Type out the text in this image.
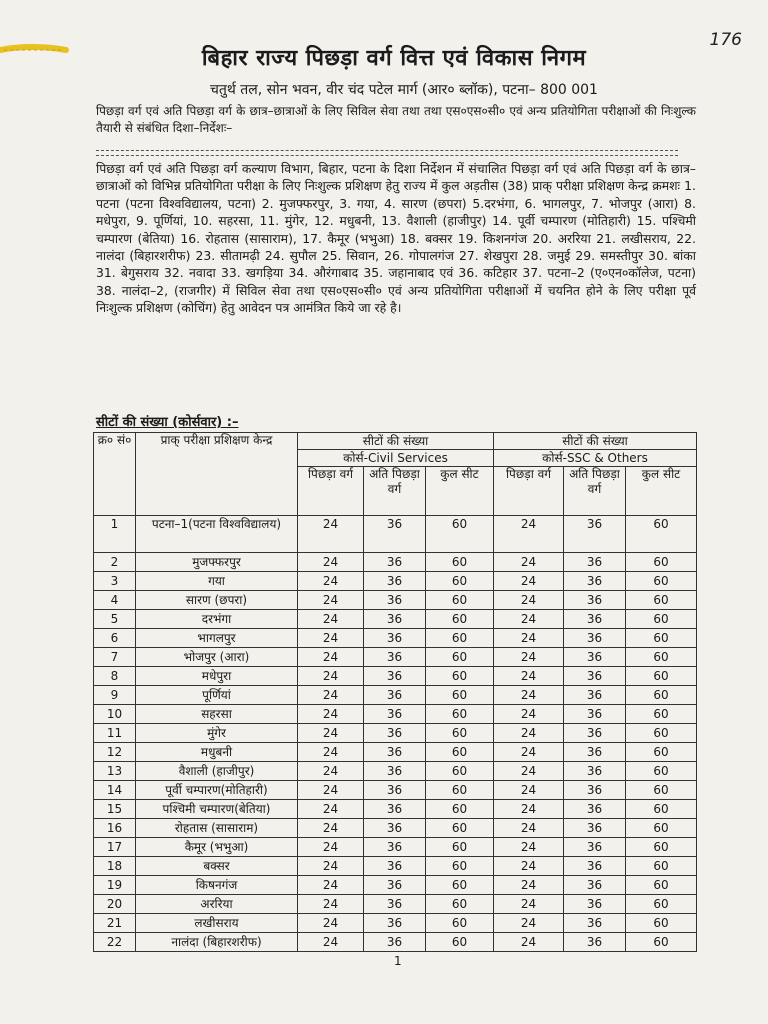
176
बिहार राज्य पिछड़ा वर्ग वित्त एवं विकास निगम
चतुर्थ तल, सोन भवन, वीर चंद पटेल मार्ग (आर० ब्लॉक), पटना– 800 001
पिछड़ा वर्ग एवं अति पिछड़ा वर्ग के छात्र–छात्राओं के लिए सिविल सेवा तथा तथा एस०एस०सी० एवं अन्य प्रतियोगिता परीक्षाओं की निःशुल्क तैयारी से संबंधित दिशा–निर्देशः–
पिछड़ा वर्ग एवं अति पिछड़ा वर्ग कल्याण विभाग, बिहार, पटना के दिशा निर्देशन में संचालित पिछड़ा वर्ग एवं अति पिछड़ा वर्ग के छात्र–छात्राओं को विभिन्न प्रतियोगिता परीक्षा के लिए निःशुल्क प्रशिक्षण हेतु राज्य में कुल अड़तीस (38) प्राक् परीक्षा प्रशिक्षण केन्द्र क्रमशः 1. पटना (पटना विश्वविद्यालय, पटना) 2. मुजफ्फरपुर, 3. गया, 4. सारण (छपरा) 5.दरभंगा, 6. भागलपुर, 7. भोजपुर (आरा) 8. मधेपुरा, 9. पूर्णियां, 10. सहरसा, 11. मुंगेर, 12. मधुबनी, 13. वैशाली (हाजीपुर) 14. पूर्वी चम्पारण (मोतिहारी) 15. पश्चिमी चम्पारण (बेतिया) 16. रोहतास (सासाराम), 17. कैमूर (भभुआ) 18. बक्सर 19. किशनगंज 20. अररिया 21. लखीसराय, 22. नालंदा (बिहारशरीफ) 23. सीतामढ़ी 24. सुपौल 25. सिवान, 26. गोपालगंज 27. शेखपुरा 28. जमुई 29. समस्तीपुर 30. बांका 31. बेगुसराय 32. नवादा 33. खगड़िया 34. औरंगाबाद 35. जहानाबाद एवं 36. कटिहार 37. पटना–2 (ए०एन०कॉलेज, पटना) 38. नालंदा–2, (राजगीर) में सिविल सेवा तथा एस०एस०सी० एवं अन्य प्रतियोगिता परीक्षाओं में चयनित होने के लिए परीक्षा पूर्व निःशुल्क प्रशिक्षण (कोचिंग) हेतु आवेदन पत्र आमंत्रित किये जा रहे है।
सीटों की संख्या (कोर्सवार) :–
क्र० सं०	प्राक् परीक्षा प्रशिक्षण केन्द्र	सीटों की संख्या			सीटों की संख्या		
		कोर्स-Civil Services			कोर्स-SSC & Others		
		पिछड़ा वर्ग	अति पिछड़ा वर्ग	कुल सीट	पिछड़ा वर्ग	अति पिछड़ा वर्ग	कुल सीट
1	पटना–1(पटना विश्वविद्यालय)	24	36	60	24	36	60
2	मुजफ्फरपुर	24	36	60	24	36	60
3	गया	24	36	60	24	36	60
4	सारण (छपरा)	24	36	60	24	36	60
5	दरभंगा	24	36	60	24	36	60
6	भागलपुर	24	36	60	24	36	60
7	भोजपुर (आरा)	24	36	60	24	36	60
8	मधेपुरा	24	36	60	24	36	60
9	पूर्णियां	24	36	60	24	36	60
10	सहरसा	24	36	60	24	36	60
11	मुंगेर	24	36	60	24	36	60
12	मधुबनी	24	36	60	24	36	60
13	वैशाली (हाजीपुर)	24	36	60	24	36	60
14	पूर्वी चम्पारण(मोतिहारी)	24	36	60	24	36	60
15	पश्चिमी चम्पारण(बेतिया)	24	36	60	24	36	60
16	रोहतास (सासाराम)	24	36	60	24	36	60
17	कैमूर (भभुआ)	24	36	60	24	36	60
18	बक्सर	24	36	60	24	36	60
19	किषनगंज	24	36	60	24	36	60
20	अररिया	24	36	60	24	36	60
21	लखीसराय	24	36	60	24	36	60
22	नालंदा (बिहारशरीफ)	24	36	60	24	36	60
1
